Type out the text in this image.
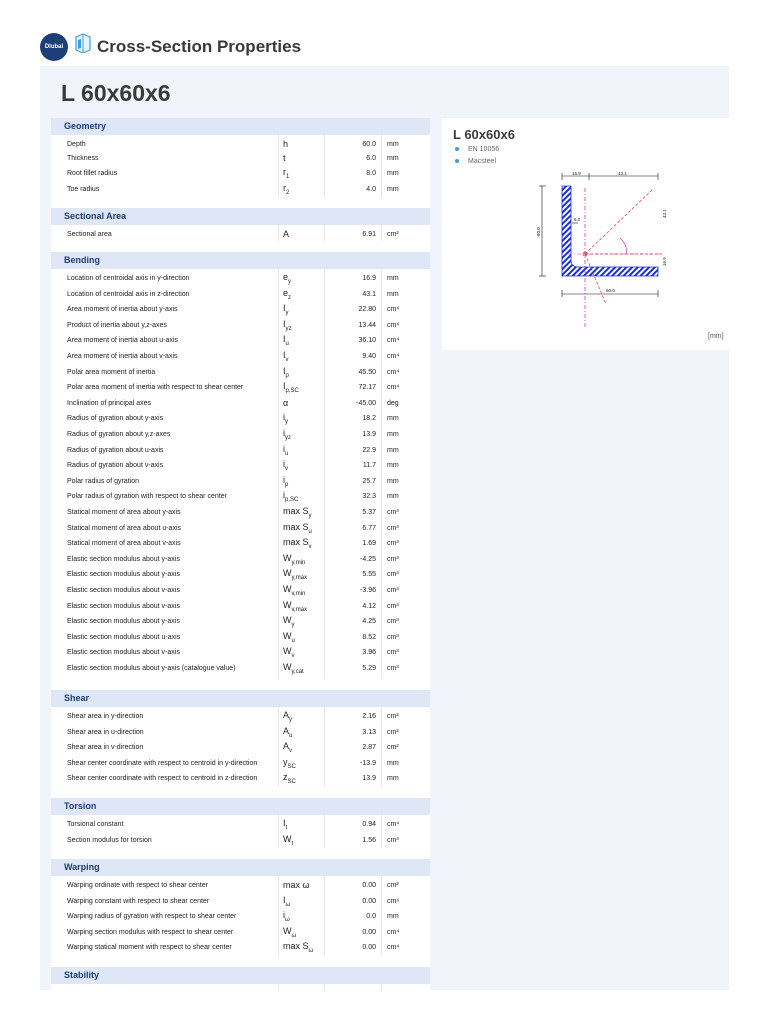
Dlubal Cross-Section Properties
L 60x60x6
Geometry
Depth	h	60.0 mm
Thickness	t	6.0 mm
Root fillet radius	$r_1$	8.0 mm
Toe radius	$r_2$	4.0 mm
Sectional Area
Sectional area	A	6.91 cm²
Bending
Location of centroidal axis in y-direction	$e_y$	16.9 mm
Location of centroidal axis in z-direction	$e_z$	43.1 mm
Area moment of inertia about y-axis	$I_y$	22.80 cm⁴
Product of inertia about y,z-axes	$I_{yz}$	13.44 cm⁴
Area moment of inertia about u-axis	$I_u$	36.10 cm⁴
Area moment of inertia about v-axis	$I_v$	9.40 cm⁴
Polar area moment of inertia	$I_p$	45.50 cm⁴
Polar area moment of inertia with respect to shear center	$I_{p,SC}$	72.17 cm⁴
Inclination of principal axes	α	-45.00 deg
Radius of gyration about y-axis	$i_y$	18.2 mm
Radius of gyration about y,z-axes	$i_{yz}$	13.9 mm
Radius of gyration about u-axis	$i_u$	22.9 mm
Radius of gyration about v-axis	$i_v$	11.7 mm
Polar radius of gyration	$i_p$	25.7 mm
Polar radius of gyration with respect to shear center	$i_{p,SC}$	32.3 mm
Statical moment of area about y-axis	$\max S_y$	5.37 cm³
Statical moment of area about u-axis	$\max S_u$	6.77 cm³
Statical moment of area about v-axis	$\max S_v$	1.69 cm³
Elastic section modulus about y-axis	$W_{y,min}$	-4.25 cm³
Elastic section modulus about y-axis	$W_{y,max}$	5.55 cm³
Elastic section modulus about v-axis	$W_{v,min}$	-3.96 cm³
Elastic section modulus about v-axis	$W_{v,max}$	4.12 cm³
Elastic section modulus about y-axis	$W_y$	4.25 cm³
Elastic section modulus about u-axis	$W_u$	8.52 cm³
Elastic section modulus about v-axis	$W_v$	3.96 cm³
Elastic section modulus about y-axis (catalogue value)	$W_{y,cat}$	5.29 cm³
Shear
Shear area in y-direction	$A_y$	2.16 cm²
Shear area in u-direction	$A_u$	3.13 cm²
Shear area in v-direction	$A_v$	2.87 cm²
Shear center coordinate with respect to centroid in y-direction	$y_{SC}$	-13.9 mm
Shear center coordinate with respect to centroid in z-direction	$z_{SC}$	13.9 mm
Torsion
Torsional constant	$I_t$	0.94 cm⁴
Section modulus for torsion	$W_t$	1.56 cm³
Warping
Warping ordinate with respect to shear center	max ω	0.00 cm²
Warping constant with respect to shear center	$I_\omega$	0.00 cm⁶
Warping radius of gyration with respect to shear center	$i_\omega$	0.0 mm
Warping section modulus with respect to shear center	$W_\omega$	0.00 cm⁴
Warping statical moment with respect to shear center	$\max S_\omega$	0.00 cm⁴
Stability
L 60x60x6
EN 10056
Macsteel
16.9	43.1
6.0
60.0
60.0
43.1
16.9
[mm]
